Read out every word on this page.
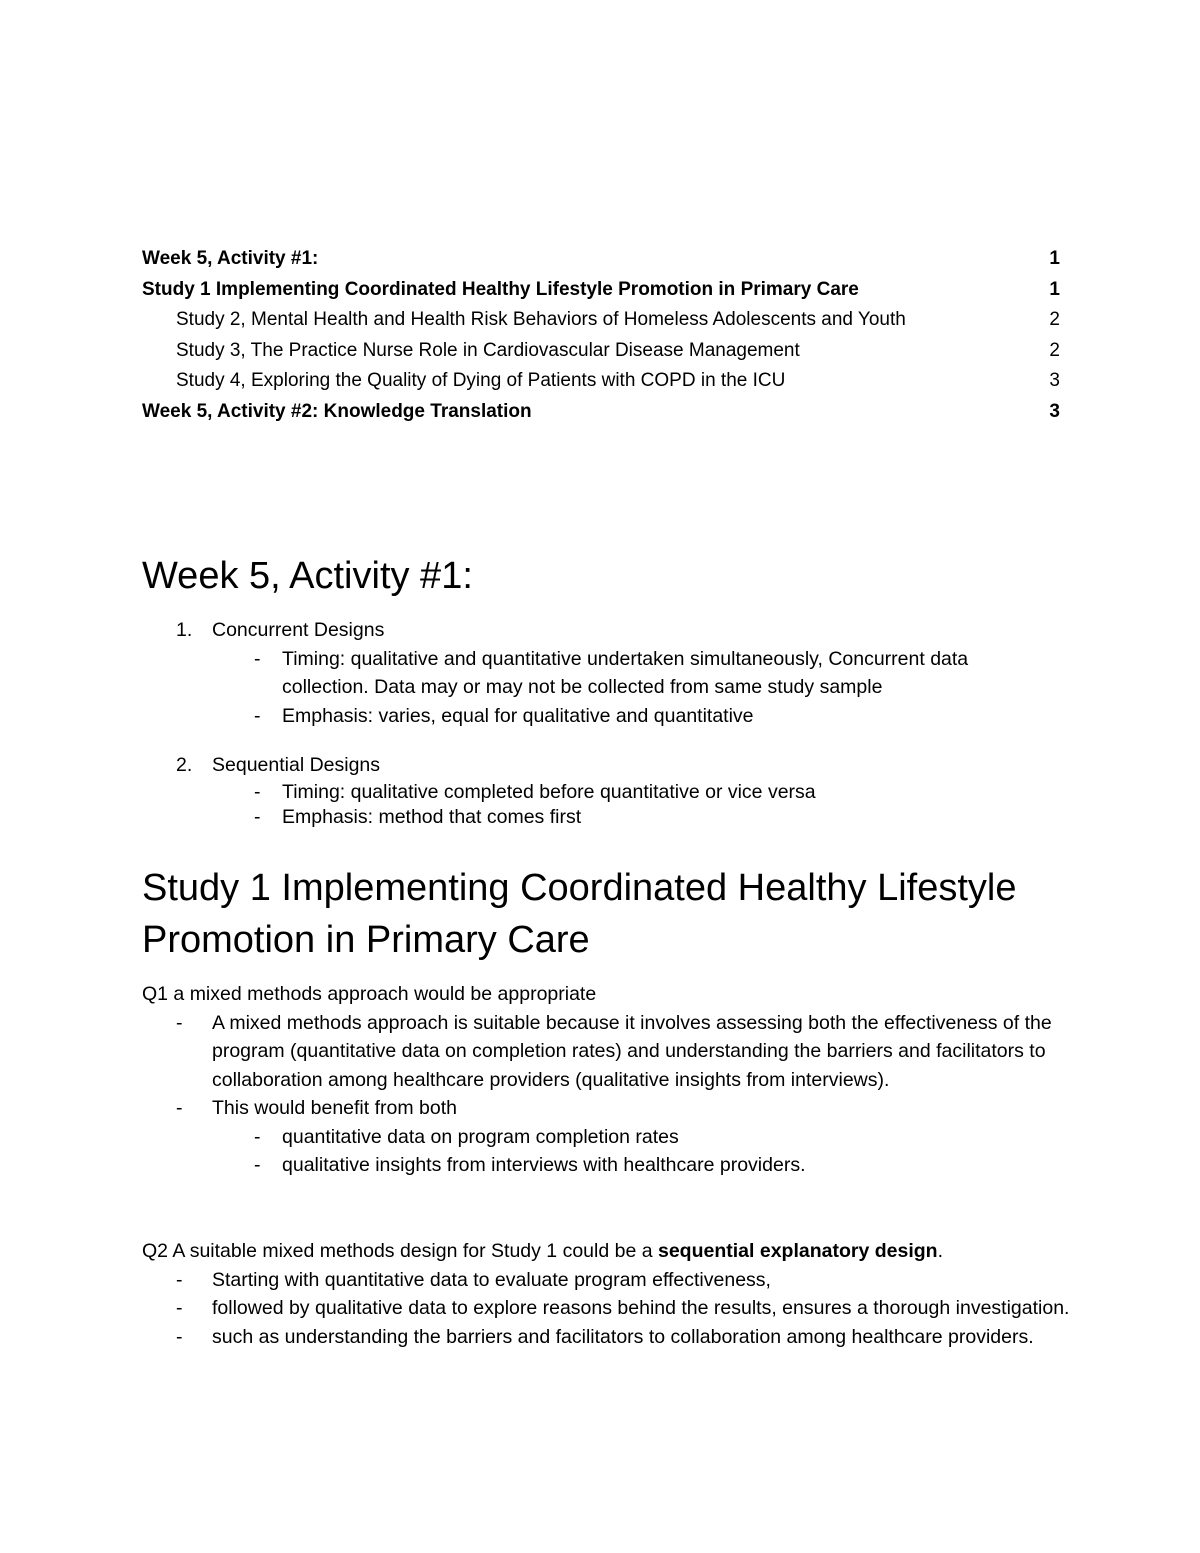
Week 5, Activity #1:	1
Study 1 Implementing Coordinated Healthy Lifestyle Promotion in Primary Care	1
Study 2, Mental Health and Health Risk Behaviors of Homeless Adolescents and Youth	2
Study 3, The Practice Nurse Role in Cardiovascular Disease Management	2
Study 4, Exploring the Quality of Dying of Patients with COPD in the ICU	3
Week 5, Activity #2: Knowledge Translation	3
Week 5, Activity #1:
1. Concurrent Designs
- Timing: qualitative and quantitative undertaken simultaneously, Concurrent data collection. Data may or may not be collected from same study sample
- Emphasis: varies, equal for qualitative and quantitative
2. Sequential Designs
- Timing: qualitative completed before quantitative or vice versa
- Emphasis: method that comes first
Study 1 Implementing Coordinated Healthy Lifestyle Promotion in Primary Care
Q1 a mixed methods approach would be appropriate
- A mixed methods approach is suitable because it involves assessing both the effectiveness of the program (quantitative data on completion rates) and understanding the barriers and facilitators to collaboration among healthcare providers (qualitative insights from interviews).
- This would benefit from both
- quantitative data on program completion rates
- qualitative insights from interviews with healthcare providers.
Q2 A suitable mixed methods design for Study 1 could be a sequential explanatory design.
- Starting with quantitative data to evaluate program effectiveness,
- followed by qualitative data to explore reasons behind the results, ensures a thorough investigation.
- such as understanding the barriers and facilitators to collaboration among healthcare providers.
